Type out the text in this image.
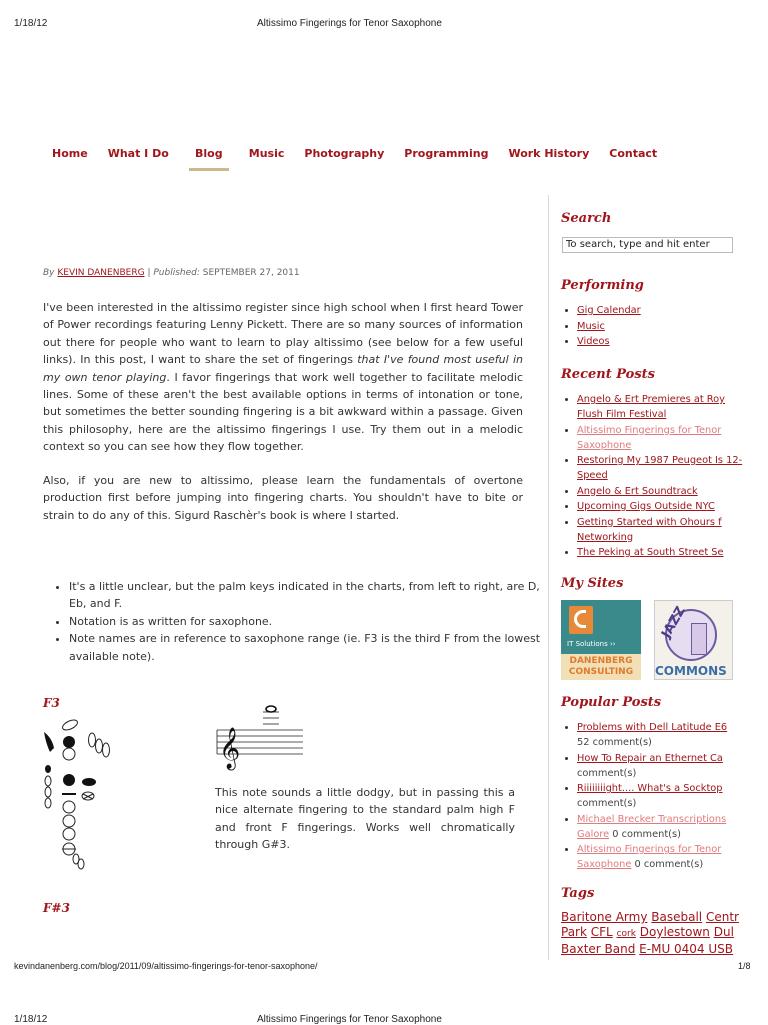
1/18/12	Altissimo Fingerings for Tenor Saxophone
Home What I Do	Blog	Music Photography Programming Work History Contact
By KEVIN DANENBERG | Published: SEPTEMBER 27, 2011

I've been interested in the altissimo register since high school when I first heard Tower of Power recordings featuring Lenny Pickett. There are so many sources of information out there for people who want to learn to play altissimo (see below for a few useful links). In this post, I want to share the set of fingerings that I've found most useful in my own tenor playing. I favor fingerings that work well together to facilitate melodic lines. Some of these aren't the best available options in terms of intonation or tone, but sometimes the better sounding fingering is a bit awkward within a passage. Given this philosophy, here are the altissimo fingerings I use. Try them out in a melodic context so you can see how they flow together.

Also, if you are new to altissimo, please learn the fundamentals of overtone production first before jumping into fingering charts. You shouldn't have to bite or strain to do any of this. Sigurd Raschèr's book is where I started.

• It's a little unclear, but the palm keys indicated in the charts, from left to right, are D, Eb, and F.
• Notation is as written for saxophone.
• Note names are in reference to saxophone range (ie. F3 is the third F from the lowest available note).
F3
𝄞

This note sounds a little dodgy, but in passing this a nice alternate fingering to the standard palm high F and front F fingerings. Works well chromatically through G#3.

F#3
Search
To search, type and hit enter
Performing
• Gig Calendar
• Music
• Videos
Recent Posts
• Angelo & Ert Premieres at Roy Flush Film Festival
• Altissimo Fingerings for Tenor Saxophone
• Restoring My 1987 Peugeot Is 12-Speed
• Angelo & Ert Soundtrack
• Upcoming Gigs Outside NYC
• Getting Started with Ohours f Networking
• The Peking at South Street Se
My Sites
IT Solutions ››
DANENBERG
CONSULTING
JAZZ
COMMONS
Popular Posts
• Problems with Dell Latitude E6
52 comment(s)
• How To Repair an Ethernet Ca
comment(s)
• Riiiiiiiight.... What's a Socktop
comment(s)
• Michael Brecker Transcriptions Galore 0 comment(s)
• Altissimo Fingerings for Tenor Saxophone 0 comment(s)
Tags
Baritone Army Baseball Centr Park CFL cork Doylestown Dul Baxter Band E-MU 0404 USB
kevindanenberg.com/blog/2011/09/altissimo-fingerings-for-tenor-saxophone/	1/8
1/18/12	Altissimo Fingerings for Tenor Saxophone
